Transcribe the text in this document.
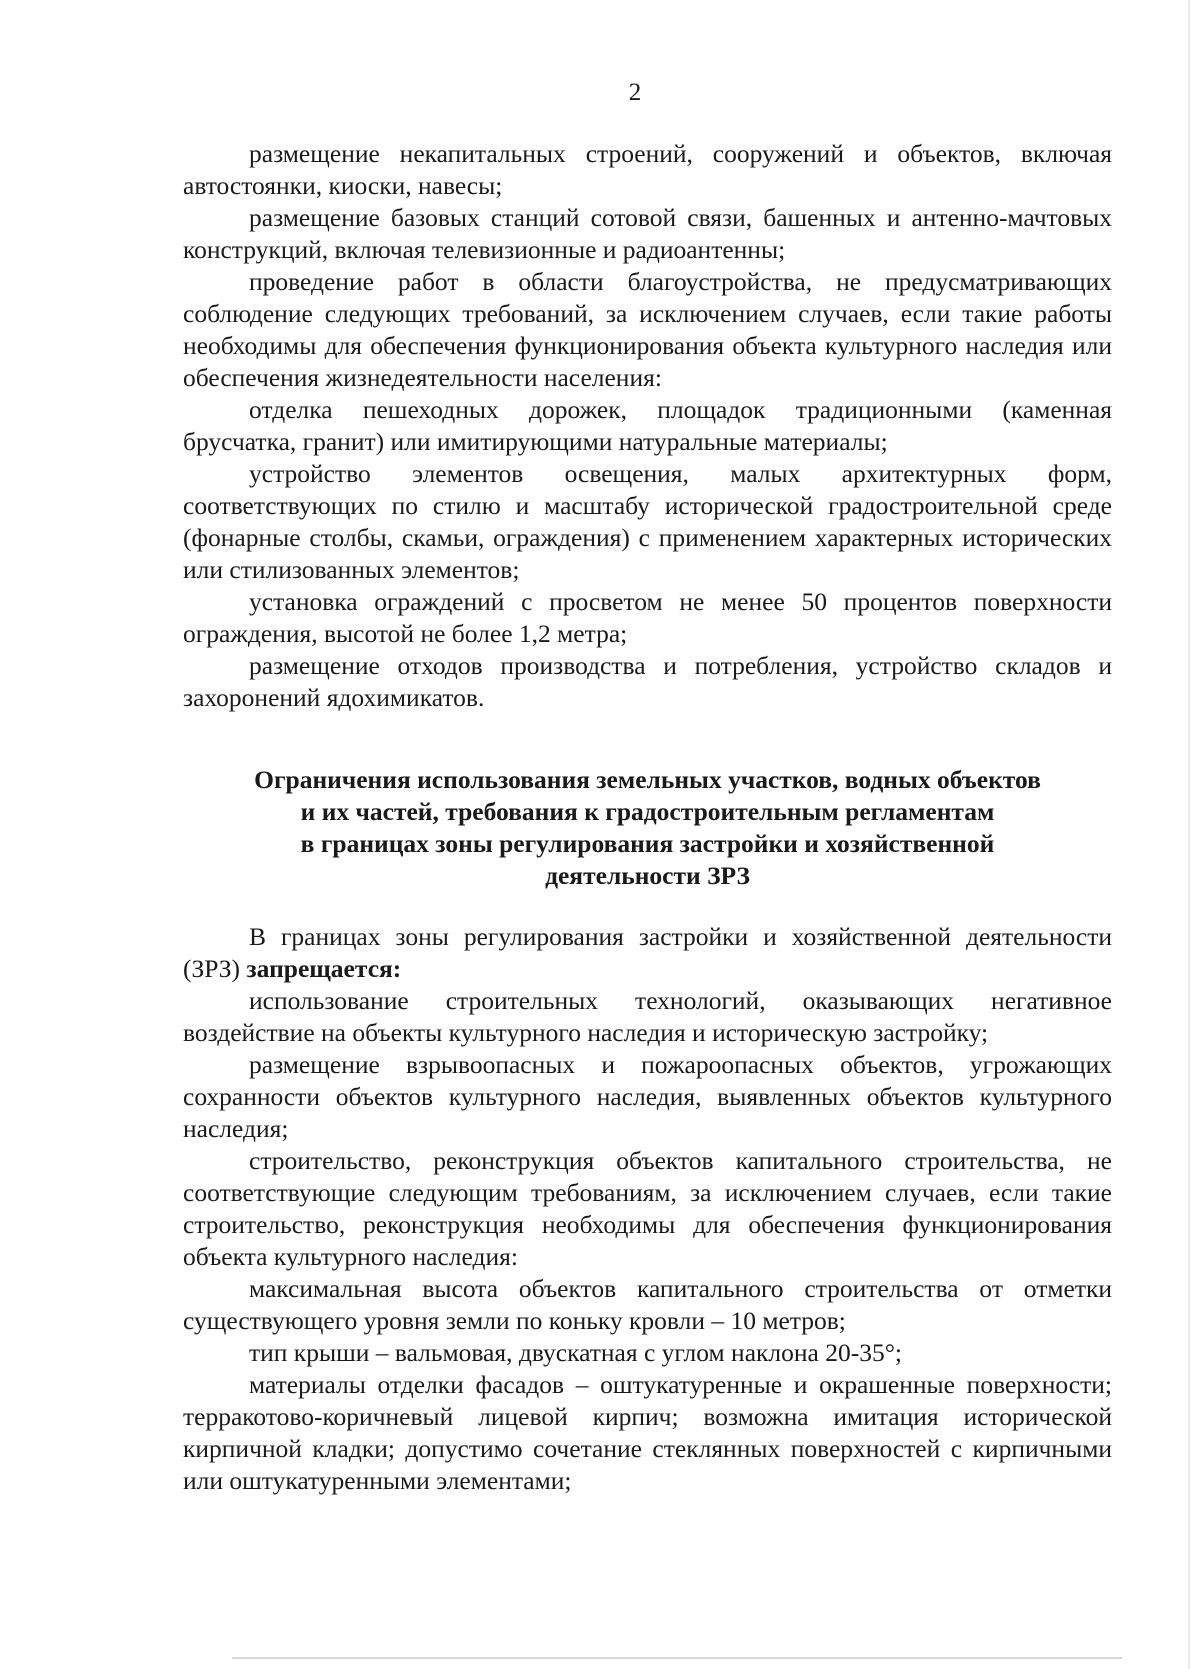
2

размещение некапитальных строений, сооружений и объектов, включая автостоянки, киоски, навесы;

размещение базовых станций сотовой связи, башенных и антенно-мачтовых конструкций, включая телевизионные и радиоантенны;

проведение работ в области благоустройства, не предусматривающих соблюдение следующих требований, за исключением случаев, если такие работы необходимы для обеспечения функционирования объекта культурного наследия или обеспечения жизнедеятельности населения:

отделка пешеходных дорожек, площадок традиционными (каменная брусчатка, гранит) или имитирующими натуральные материалы;

устройство элементов освещения, малых архитектурных форм, соответствующих по стилю и масштабу исторической градостроительной среде (фонарные столбы, скамьи, ограждения) с применением характерных исторических или стилизованных элементов;

установка ограждений с просветом не менее 50 процентов поверхности ограждения, высотой не более 1,2 метра;

размещение отходов производства и потребления, устройство складов и захоронений ядохимикатов.

Ограничения использования земельных участков, водных объектов
и их частей, требования к градостроительным регламентам
в границах зоны регулирования застройки и хозяйственной
деятельности ЗРЗ

В границах зоны регулирования застройки и хозяйственной деятельности (ЗРЗ) запрещается:

использование строительных технологий, оказывающих негативное воздействие на объекты культурного наследия и историческую застройку;

размещение взрывоопасных и пожароопасных объектов, угрожающих сохранности объектов культурного наследия, выявленных объектов культурного наследия;

строительство, реконструкция объектов капитального строительства, не соответствующие следующим требованиям, за исключением случаев, если такие строительство, реконструкция необходимы для обеспечения функционирования объекта культурного наследия:

максимальная высота объектов капитального строительства от отметки существующего уровня земли по коньку кровли – 10 метров;

тип крыши – вальмовая, двускатная с углом наклона 20-35°;

материалы отделки фасадов – оштукатуренные и окрашенные поверхности; терракотово-коричневый лицевой кирпич; возможна имитация исторической кирпичной кладки; допустимо сочетание стеклянных поверхностей с кирпичными или оштукатуренными элементами;
